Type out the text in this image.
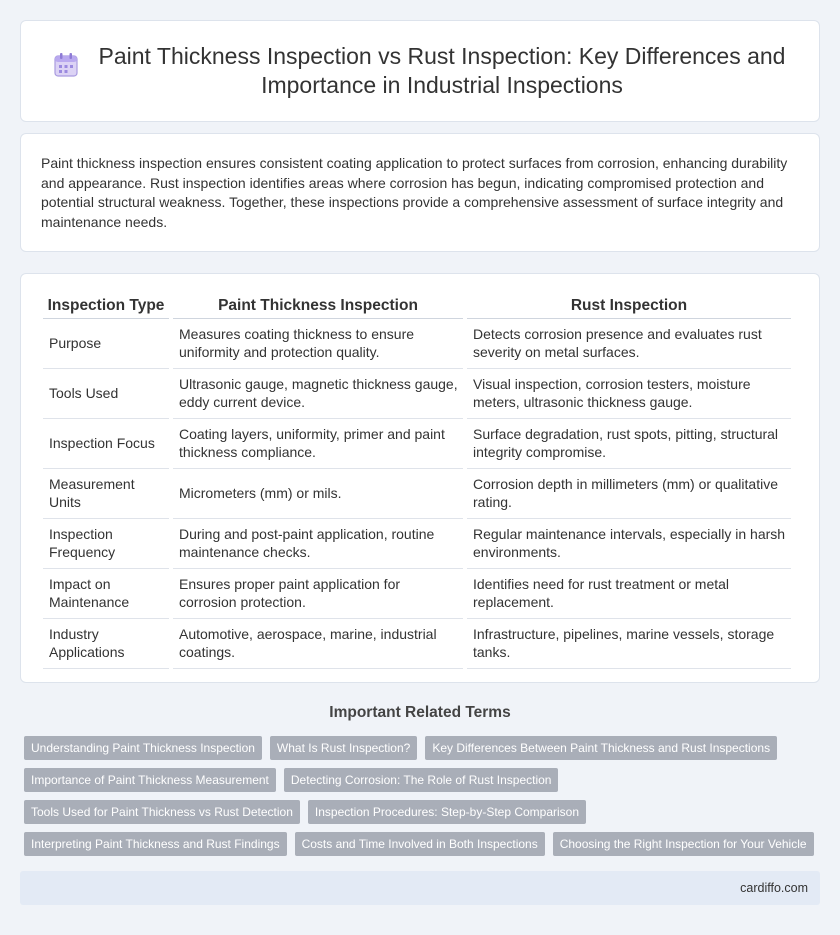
Paint Thickness Inspection vs Rust Inspection: Key Differences and Importance in Industrial Inspections

Paint thickness inspection ensures consistent coating application to protect surfaces from corrosion, enhancing durability and appearance. Rust inspection identifies areas where corrosion has begun, indicating compromised protection and potential structural weakness. Together, these inspections provide a comprehensive assessment of surface integrity and maintenance needs.

Inspection Type	Paint Thickness Inspection	Rust Inspection
Purpose	Measures coating thickness to ensure uniformity and protection quality.	Detects corrosion presence and evaluates rust severity on metal surfaces.
Tools Used	Ultrasonic gauge, magnetic thickness gauge, eddy current device.	Visual inspection, corrosion testers, moisture meters, ultrasonic thickness gauge.
Inspection Focus	Coating layers, uniformity, primer and paint thickness compliance.	Surface degradation, rust spots, pitting, structural integrity compromise.
Measurement Units	Micrometers (mm) or mils.	Corrosion depth in millimeters (mm) or qualitative rating.
Inspection Frequency	During and post-paint application, routine maintenance checks.	Regular maintenance intervals, especially in harsh environments.
Impact on Maintenance	Ensures proper paint application for corrosion protection.	Identifies need for rust treatment or metal replacement.
Industry Applications	Automotive, aerospace, marine, industrial coatings.	Infrastructure, pipelines, marine vessels, storage tanks.
Important Related Terms
Understanding Paint Thickness Inspection	What Is Rust Inspection?	Key Differences Between Paint Thickness and Rust Inspections
Importance of Paint Thickness Measurement	Detecting Corrosion: The Role of Rust Inspection
Tools Used for Paint Thickness vs Rust Detection	Inspection Procedures: Step-by-Step Comparison
Interpreting Paint Thickness and Rust Findings	Costs and Time Involved in Both Inspections	Choosing the Right Inspection for Your Vehicle
cardiffo.com
